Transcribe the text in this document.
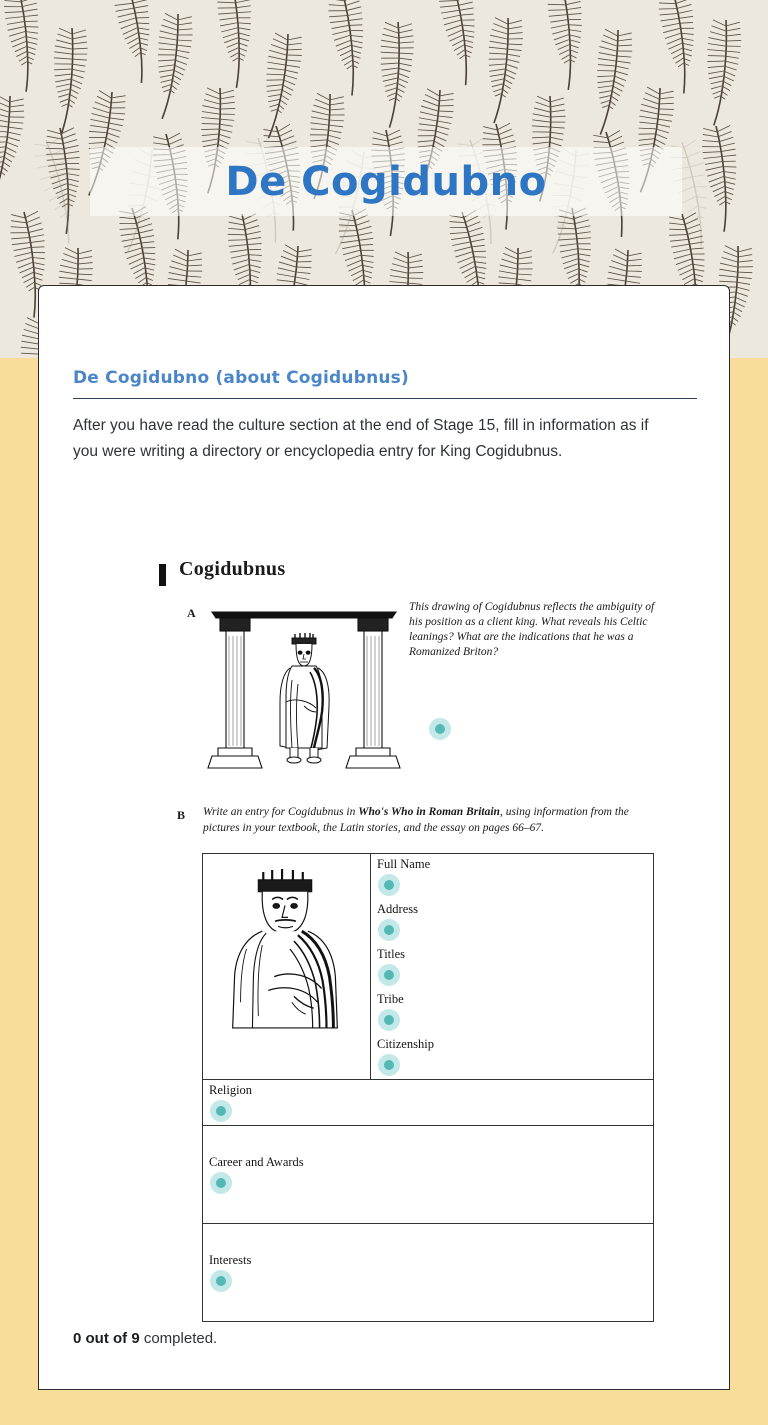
De Cogidubno
De Cogidubno (about Cogidubnus)
After you have read the culture section at the end of Stage 15, fill in information as if you were writing a directory or encyclopedia entry for King Cogidubnus.
Cogidubnus
A	This drawing of Cogidubnus reflects the ambiguity of his position as a client king. What reveals his Celtic leanings? What are the indications that he was a Romanized Briton?
B Write an entry for Cogidubnus in Who's Who in Roman Britain, using information from the pictures in your textbook, the Latin stories, and the essay on pages 66–67.

Full Name

Address

Titles

Tribe

Citizenship

Religion

Career and Awards

Interests
0 out of 9 completed.
